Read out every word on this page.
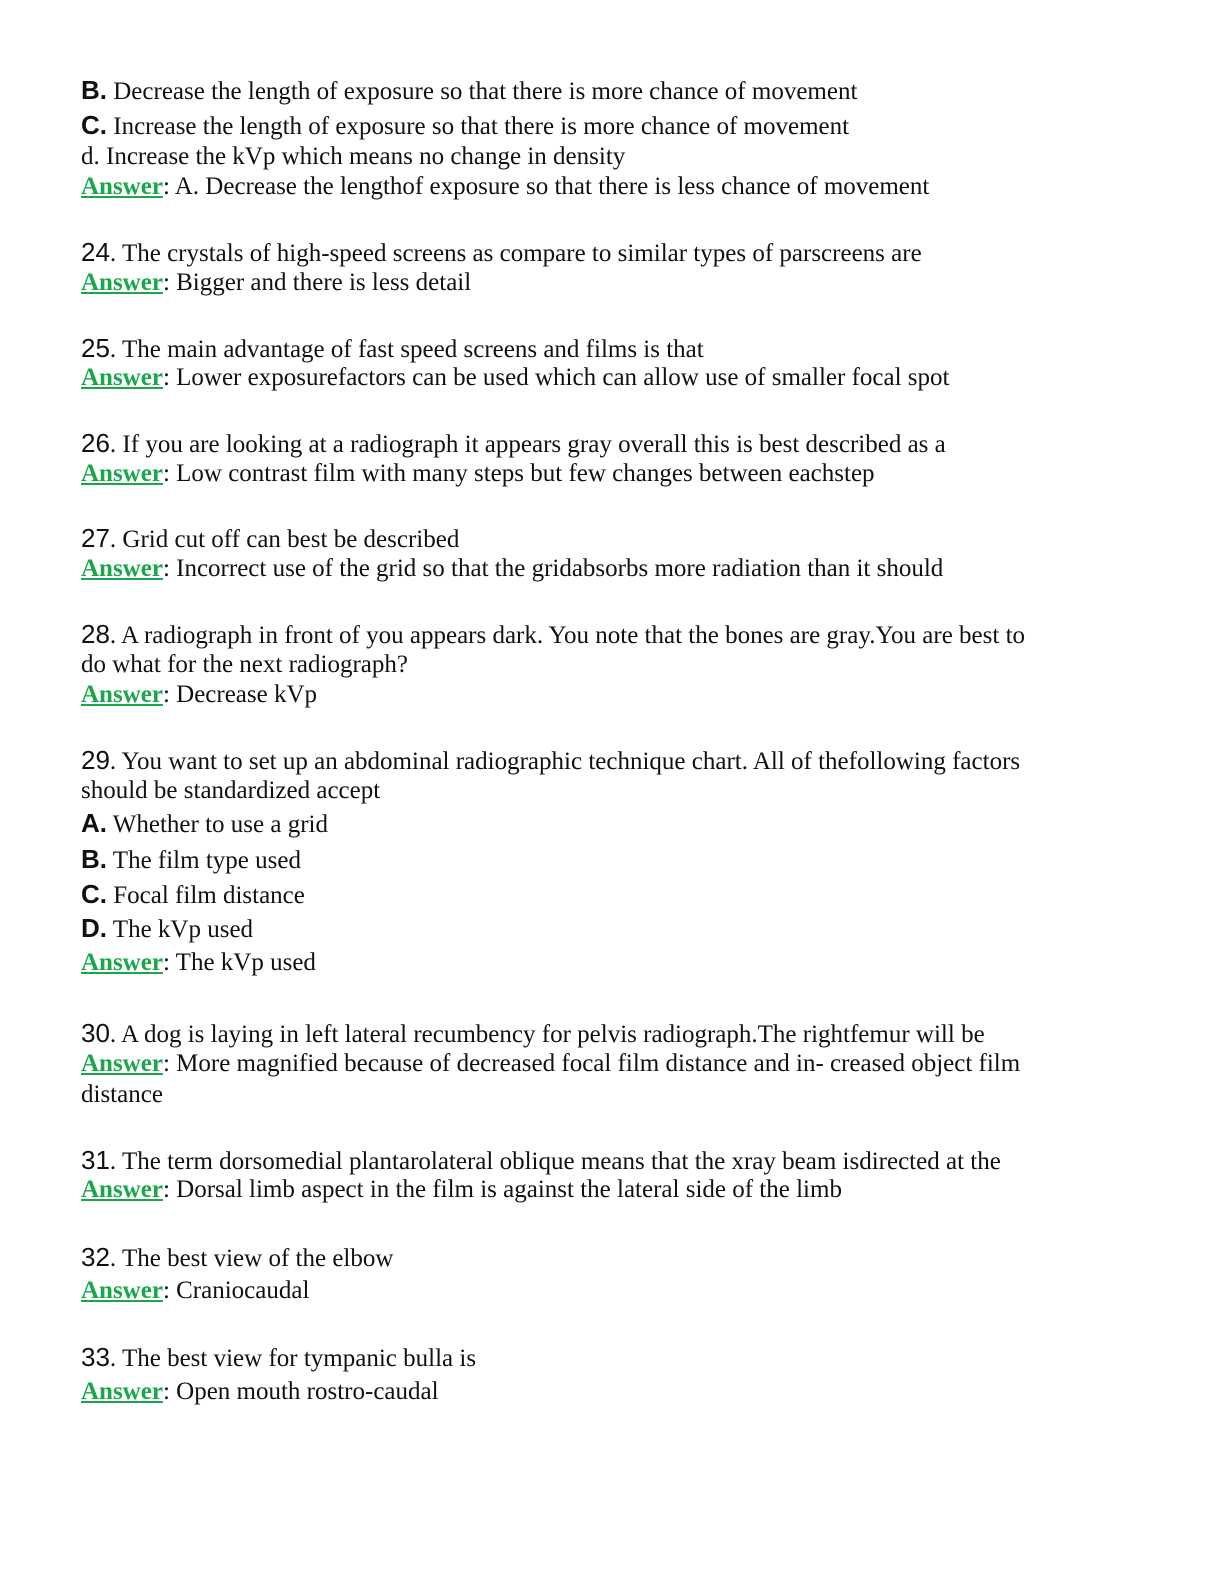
B. Decrease the length of exposure so that there is more chance of movement
C. Increase the length of exposure so that there is more chance of movement
d. Increase the kVp which means no change in density
Answer: A. Decrease the lengthof exposure so that there is less chance of movement
24. The crystals of high-speed screens as compare to similar types of parscreens are
Answer: Bigger and there is less detail
25. The main advantage of fast speed screens and films is that
Answer: Lower exposurefactors can be used which can allow use of smaller focal spot
26. If you are looking at a radiograph it appears gray overall this is best described as a
Answer: Low contrast film with many steps but few changes between eachstep
27. Grid cut off can best be described
Answer: Incorrect use of the grid so that the gridabsorbs more radiation than it should
28. A radiograph in front of you appears dark. You note that the bones are gray.You are best to
do what for the next radiograph?
Answer: Decrease kVp
29. You want to set up an abdominal radiographic technique chart. All of thefollowing factors
should be standardized accept
A. Whether to use a grid
B. The film type used
C. Focal film distance
D. The kVp used
Answer: The kVp used
30. A dog is laying in left lateral recumbency for pelvis radiograph.The rightfemur will be
Answer: More magnified because of decreased focal film distance and in- creased object film
distance
31. The term dorsomedial plantarolateral oblique means that the xray beam isdirected at the
Answer: Dorsal limb aspect in the film is against the lateral side of the limb
32. The best view of the elbow
Answer: Craniocaudal
33. The best view for tympanic bulla is
Answer: Open mouth rostro-caudal
